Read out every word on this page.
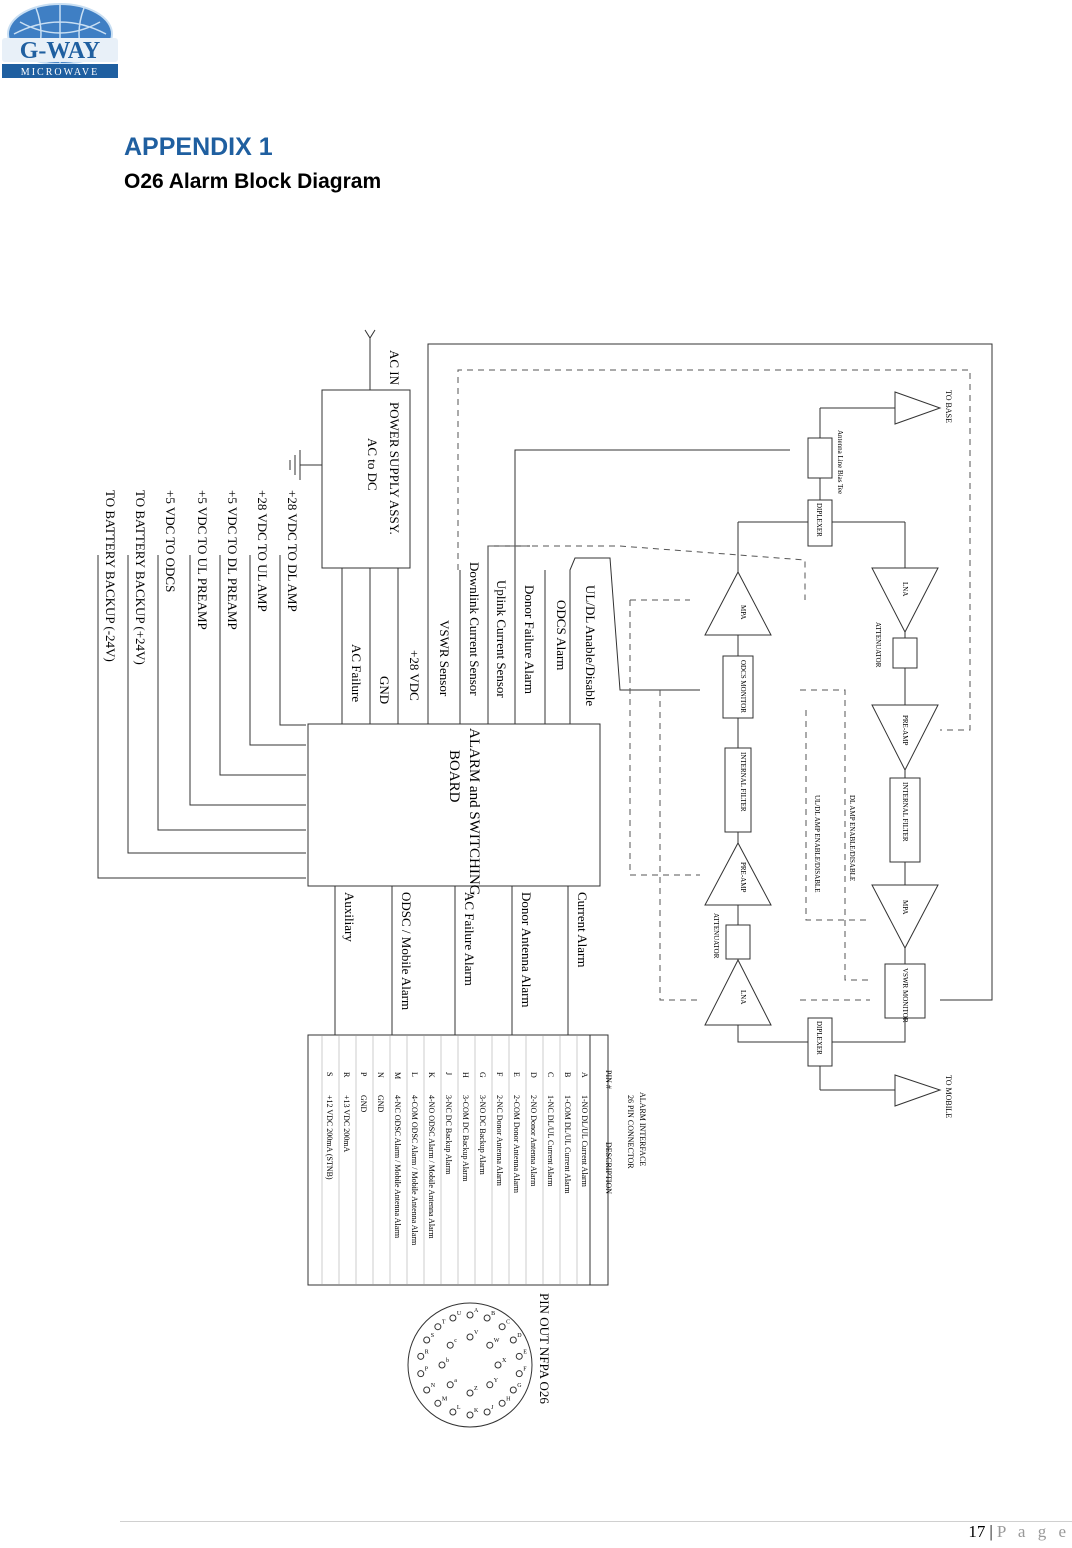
G-WAY
MICROWAVE
APPENDIX 1
O26 Alarm Block Diagram
AC IN
POWER SUPPLY ASSY.
AC to DC
+28 VDC TO DL AMP
+28 VDC TO UL AMP
+5 VDC TO DL PREAMP
+5 VDC TO UL PREAMP
+5 VDC TO ODCS
TO BATTERY BACKUP (+24V)
TO BATTERY BACKUP (-24V)	UL/DL Anable/Disable
ODCS Alarm
Donor Failure Alarm
Uplink Current Sensor
Downlink Current Sensor
VSWR Sensor
+28 VDC
GND
AC Failure
ALARM and SWITCHING
BOARD
Current Alarm
Donor Antenna Alarm
AC Failure Alarm
ODSC / Mobile Alarm
Auxiliary
TO BASE
TO MOBILE
Antenna Line Bias Tee
DIPLEXER
DIPLEXER
LNA
ATTENUATOR
PRE-AMP
INTERNAL FILTER
MPA
VSWR MONITOR
MPA
ODCS MONITOR
INTERNAL FILTER
PRE-AMP
ATTENUATOR
LNA
DL AMP ENABLE/DISABLE
UL/DL AMP ENABLE/DISABLE
ALARM INTERFACE
26 PIN CONNECTOR
PIN #
DESCRIPTION
PIN OUT NFPA O26
A
1-NO DL/UL Current Alarm
B
1-COM DL/UL Current Alarm
C
1-NC DL/UL Current Alarm
D
2-NO Donor Antenna Alarm
E
2-COM Donor Antenna Alarm
F
2-NC Donor Antenna Alarm
G
3-NO DC Backup Alarm
H
3-COM DC Backup Alarm
J
3-NC DC Backup Alarm
K
4-NO ODSC Alarm / Mobile Antenna Alarm
L
4-COM ODSC Alarm / Mobile Antenna Alarm
M
4-NC ODSC Alarm / Mobile Antenna Alarm
N
GND
P
GND
R
+13 VDC 200mA
S
+12 VDC 200mA (STNB)
A
B
C
D
E
F
G
H
J
K
L
M
N
P
R
S
T
U
V
W
X
Y
Z
a
b
c
17 | P a g e
